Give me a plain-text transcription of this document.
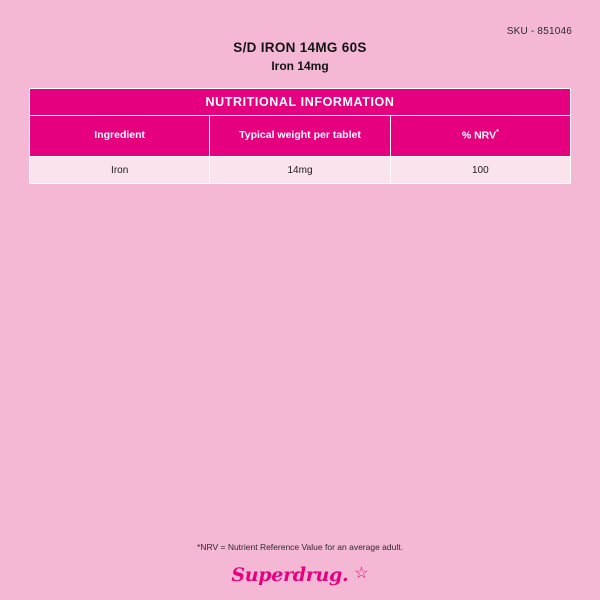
SKU - 851046

S/D IRON 14MG 60S

Iron 14mg

NUTRITIONAL INFORMATION		
Ingredient	Typical weight per tablet	% NRV*
Iron	14mg	100
*NRV = Nutrient Reference Value for an average adult.
Superdrug. ☆
